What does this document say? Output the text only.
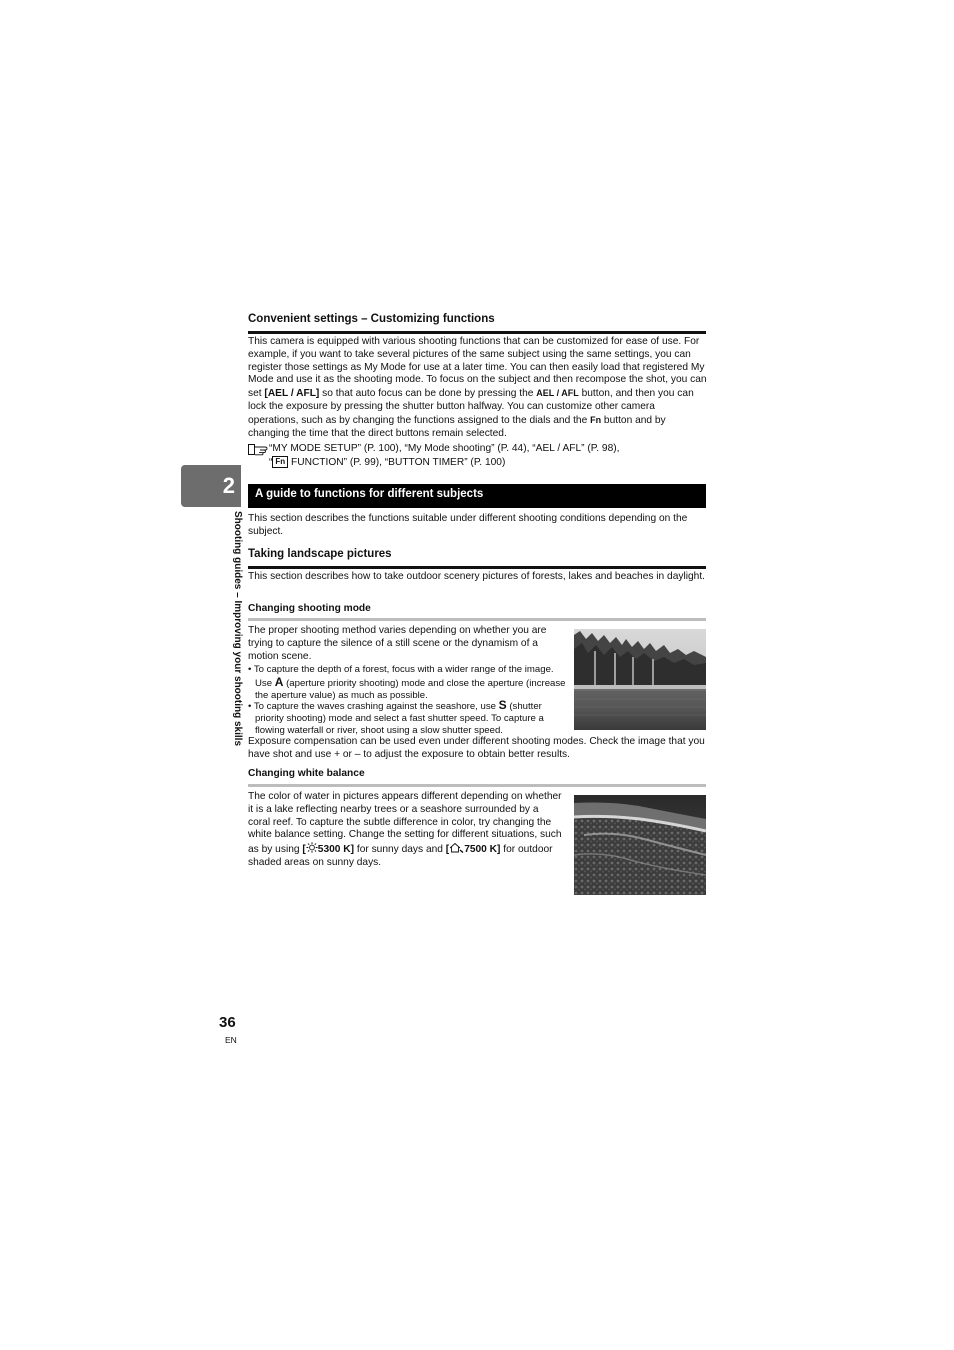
Convenient settings – Customizing functions

This camera is equipped with various shooting functions that can be customized for ease of use. For example, if you want to take several pictures of the same subject using the same settings, you can register those settings as My Mode for use at a later time. You can then easily load that registered My Mode and use it as the shooting mode. To focus on the subject and then recompose the shot, you can set [AEL / AFL] so that auto focus can be done by pressing the AEL / AFL button, and then you can lock the exposure by pressing the shutter button halfway. You can customize other camera operations, such as by changing the functions assigned to the dials and the Fn button and by changing the time that the direct buttons remain selected.

“MY MODE SETUP” (P. 100), “My Mode shooting” (P. 44), “AEL / AFL” (P. 98),

“ Fn FUNCTION” (P. 99), “BUTTON TIMER” (P. 100)

2
Shooting guides – Improving your shooting skills
A guide to functions for different subjects

This section describes the functions suitable under different shooting conditions depending on the subject.

Taking landscape pictures

This section describes how to take outdoor scenery pictures of forests, lakes and beaches in daylight.

Changing shooting mode

The proper shooting method varies depending on whether you are trying to capture the silence of a still scene or the dynamism of a motion scene.

• To capture the depth of a forest, focus with a wider range of the image. Use A (aperture priority shooting) mode and close the aperture (increase the aperture value) as much as possible.
• To capture the waves crashing against the seashore, use S (shutter priority shooting) mode and select a fast shutter speed. To capture a flowing waterfall or river, shoot using a slow shutter speed.

Exposure compensation can be used even under different shooting modes. Check the image that you have shot and use + or – to adjust the exposure to obtain better results.

Changing white balance

The color of water in pictures appears different depending on whether it is a lake reflecting nearby trees or a seashore surrounded by a coral reef. To capture the subtle difference in color, try changing the white balance setting. Change the setting for different situations, such as by using [ 5300 K] for sunny days and [ 7500 K] for outdoor shaded areas on sunny days.

36
EN
